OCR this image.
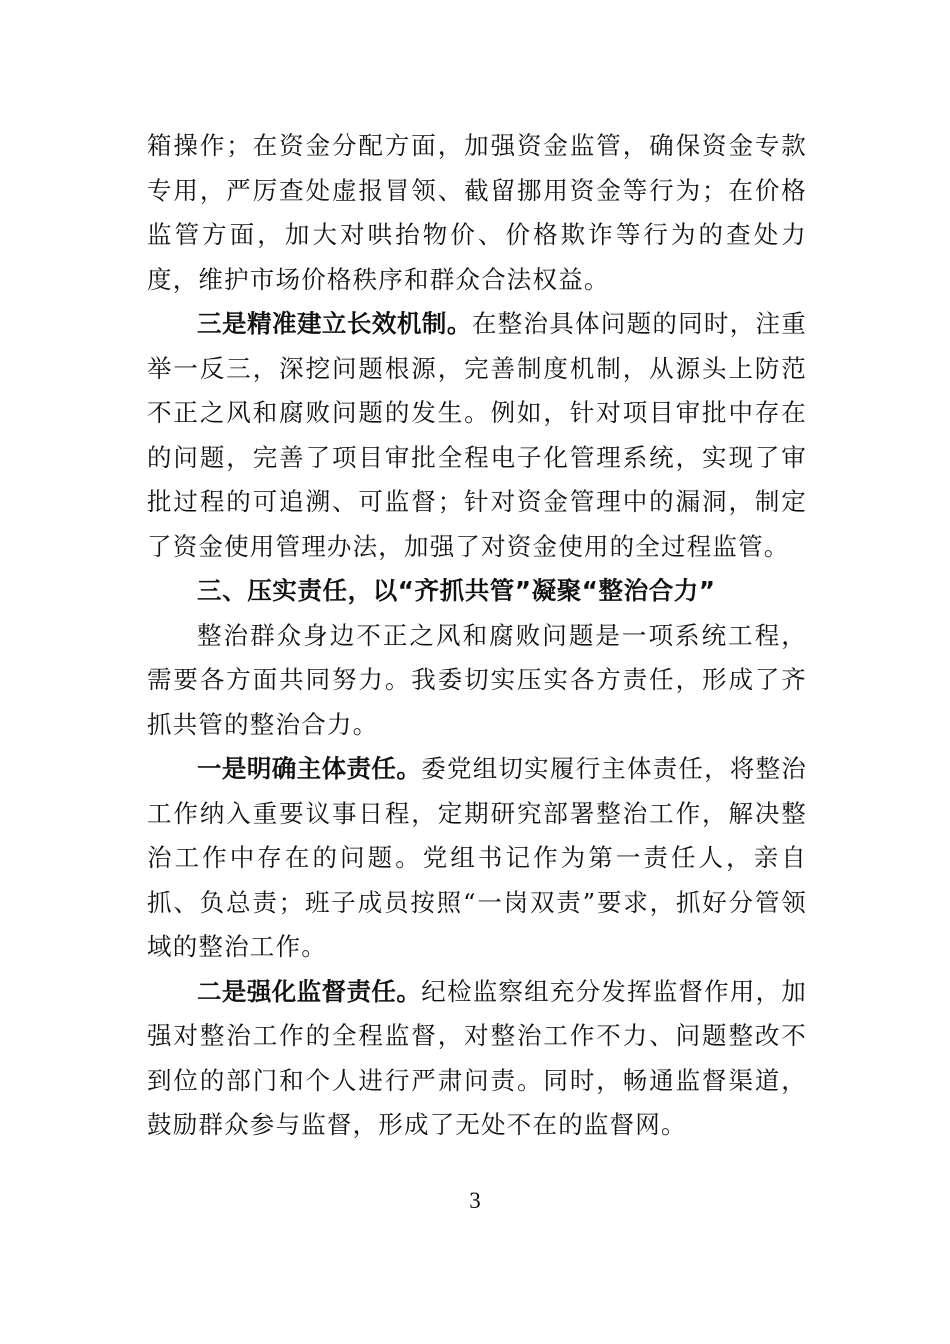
箱操作；在资金分配方面，加强资金监管，确保资金专款专用，严厉查处虚报冒领、截留挪用资金等行为；在价格监管方面，加大对哄抬物价、价格欺诈等行为的查处力度，维护市场价格秩序和群众合法权益。

三是精准建立长效机制。在整治具体问题的同时，注重举一反三，深挖问题根源，完善制度机制，从源头上防范不正之风和腐败问题的发生。例如，针对项目审批中存在的问题，完善了项目审批全程电子化管理系统，实现了审批过程的可追溯、可监督；针对资金管理中的漏洞，制定了资金使用管理办法，加强了对资金使用的全过程监管。

三、压实责任，以“齐抓共管”凝聚“整治合力”

整治群众身边不正之风和腐败问题是一项系统工程，需要各方面共同努力。我委切实压实各方责任，形成了齐抓共管的整治合力。

一是明确主体责任。委党组切实履行主体责任，将整治工作纳入重要议事日程，定期研究部署整治工作，解决整治工作中存在的问题。党组书记作为第一责任人，亲自抓、负总责；班子成员按照“一岗双责”要求，抓好分管领域的整治工作。

二是强化监督责任。纪检监察组充分发挥监督作用，加强对整治工作的全程监督，对整治工作不力、问题整改不到位的部门和个人进行严肃问责。同时，畅通监督渠道，鼓励群众参与监督，形成了无处不在的监督网。

3
